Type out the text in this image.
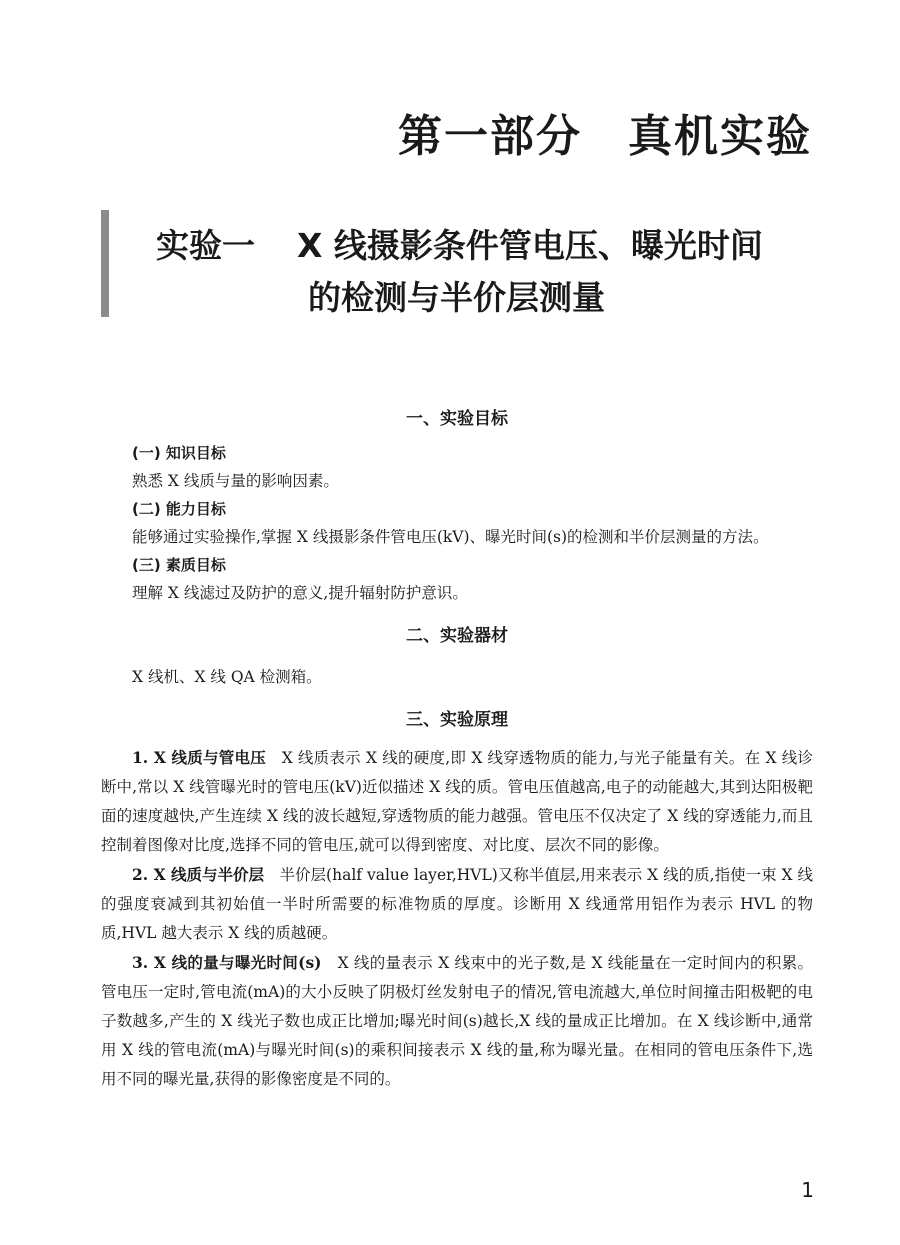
第一部分　真机实验
实验一 X 线摄影条件管电压、曝光时间
的检测与半价层测量
一、实验目标
(一) 知识目标

熟悉 X 线质与量的影响因素。

(二) 能力目标

能够通过实验操作,掌握 X 线摄影条件管电压(kV)、曝光时间(s)的检测和半价层测量的方法。

(三) 素质目标

理解 X 线滤过及防护的意义,提升辐射防护意识。

二、实验器材

X 线机、X 线 QA 检测箱。

三、实验原理

1. X 线质与管电压　 X 线质表示 X 线的硬度,即 X 线穿透物质的能力,与光子能量有关。在 X 线诊断中,常以 X 线管曝光时的管电压(kV)近似描述 X 线的质。管电压值越高,电子的动能越大,其到达阳极靶面的速度越快,产生连续 X 线的波长越短,穿透物质的能力越强。管电压不仅决定了 X 线的穿透能力,而且控制着图像对比度,选择不同的管电压,就可以得到密度、对比度、层次不同的影像。

2. X 线质与半价层　 半价层(half value layer,HVL)又称半值层,用来表示 X 线的质,指使一束 X 线的强度衰减到其初始值一半时所需要的标准物质的厚度。诊断用 X 线通常用铝作为表示 HVL 的物质,HVL 越大表示 X 线的质越硬。

3. X 线的量与曝光时间(s)　 X 线的量表示 X 线束中的光子数,是 X 线能量在一定时间内的积累。管电压一定时,管电流(mA)的大小反映了阴极灯丝发射电子的情况,管电流越大,单位时间撞击阳极靶的电子数越多,产生的 X 线光子数也成正比增加;曝光时间(s)越长,X 线的量成正比增加。在 X 线诊断中,通常用 X 线的管电流(mA)与曝光时间(s)的乘积间接表示 X 线的量,称为曝光量。在相同的管电压条件下,选用不同的曝光量,获得的影像密度是不同的。

1
